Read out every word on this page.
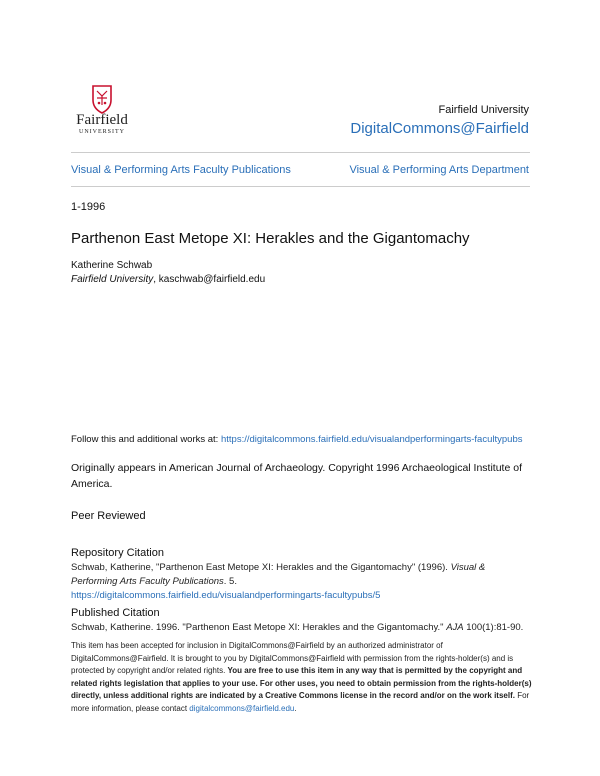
Fairfield
UNIVERSITY
Fairfield University
DigitalCommons@Fairfield
Visual & Performing Arts Faculty Publications	Visual & Performing Arts Department
1-1996
Parthenon East Metope XI: Herakles and the Gigantomachy
Katherine Schwab
Fairfield University, kaschwab@fairfield.edu
Follow this and additional works at: https://digitalcommons.fairfield.edu/visualandperformingarts-facultypubs
Originally appears in American Journal of Archaeology. Copyright 1996 Archaeological Institute of America.
Peer Reviewed
Repository Citation
Schwab, Katherine, "Parthenon East Metope XI: Herakles and the Gigantomachy" (1996). Visual & Performing Arts Faculty Publications. 5.
https://digitalcommons.fairfield.edu/visualandperformingarts-facultypubs/5
Published Citation
Schwab, Katherine. 1996. "Parthenon East Metope XI: Herakles and the Gigantomachy." AJA 100(1):81-90.
This item has been accepted for inclusion in DigitalCommons@Fairfield by an authorized administrator of DigitalCommons@Fairfield. It is brought to you by DigitalCommons@Fairfield with permission from the rights-holder(s) and is protected by copyright and/or related rights. You are free to use this item in any way that is permitted by the copyright and related rights legislation that applies to your use. For other uses, you need to obtain permission from the rights-holder(s) directly, unless additional rights are indicated by a Creative Commons license in the record and/or on the work itself. For more information, please contact digitalcommons@fairfield.edu.
